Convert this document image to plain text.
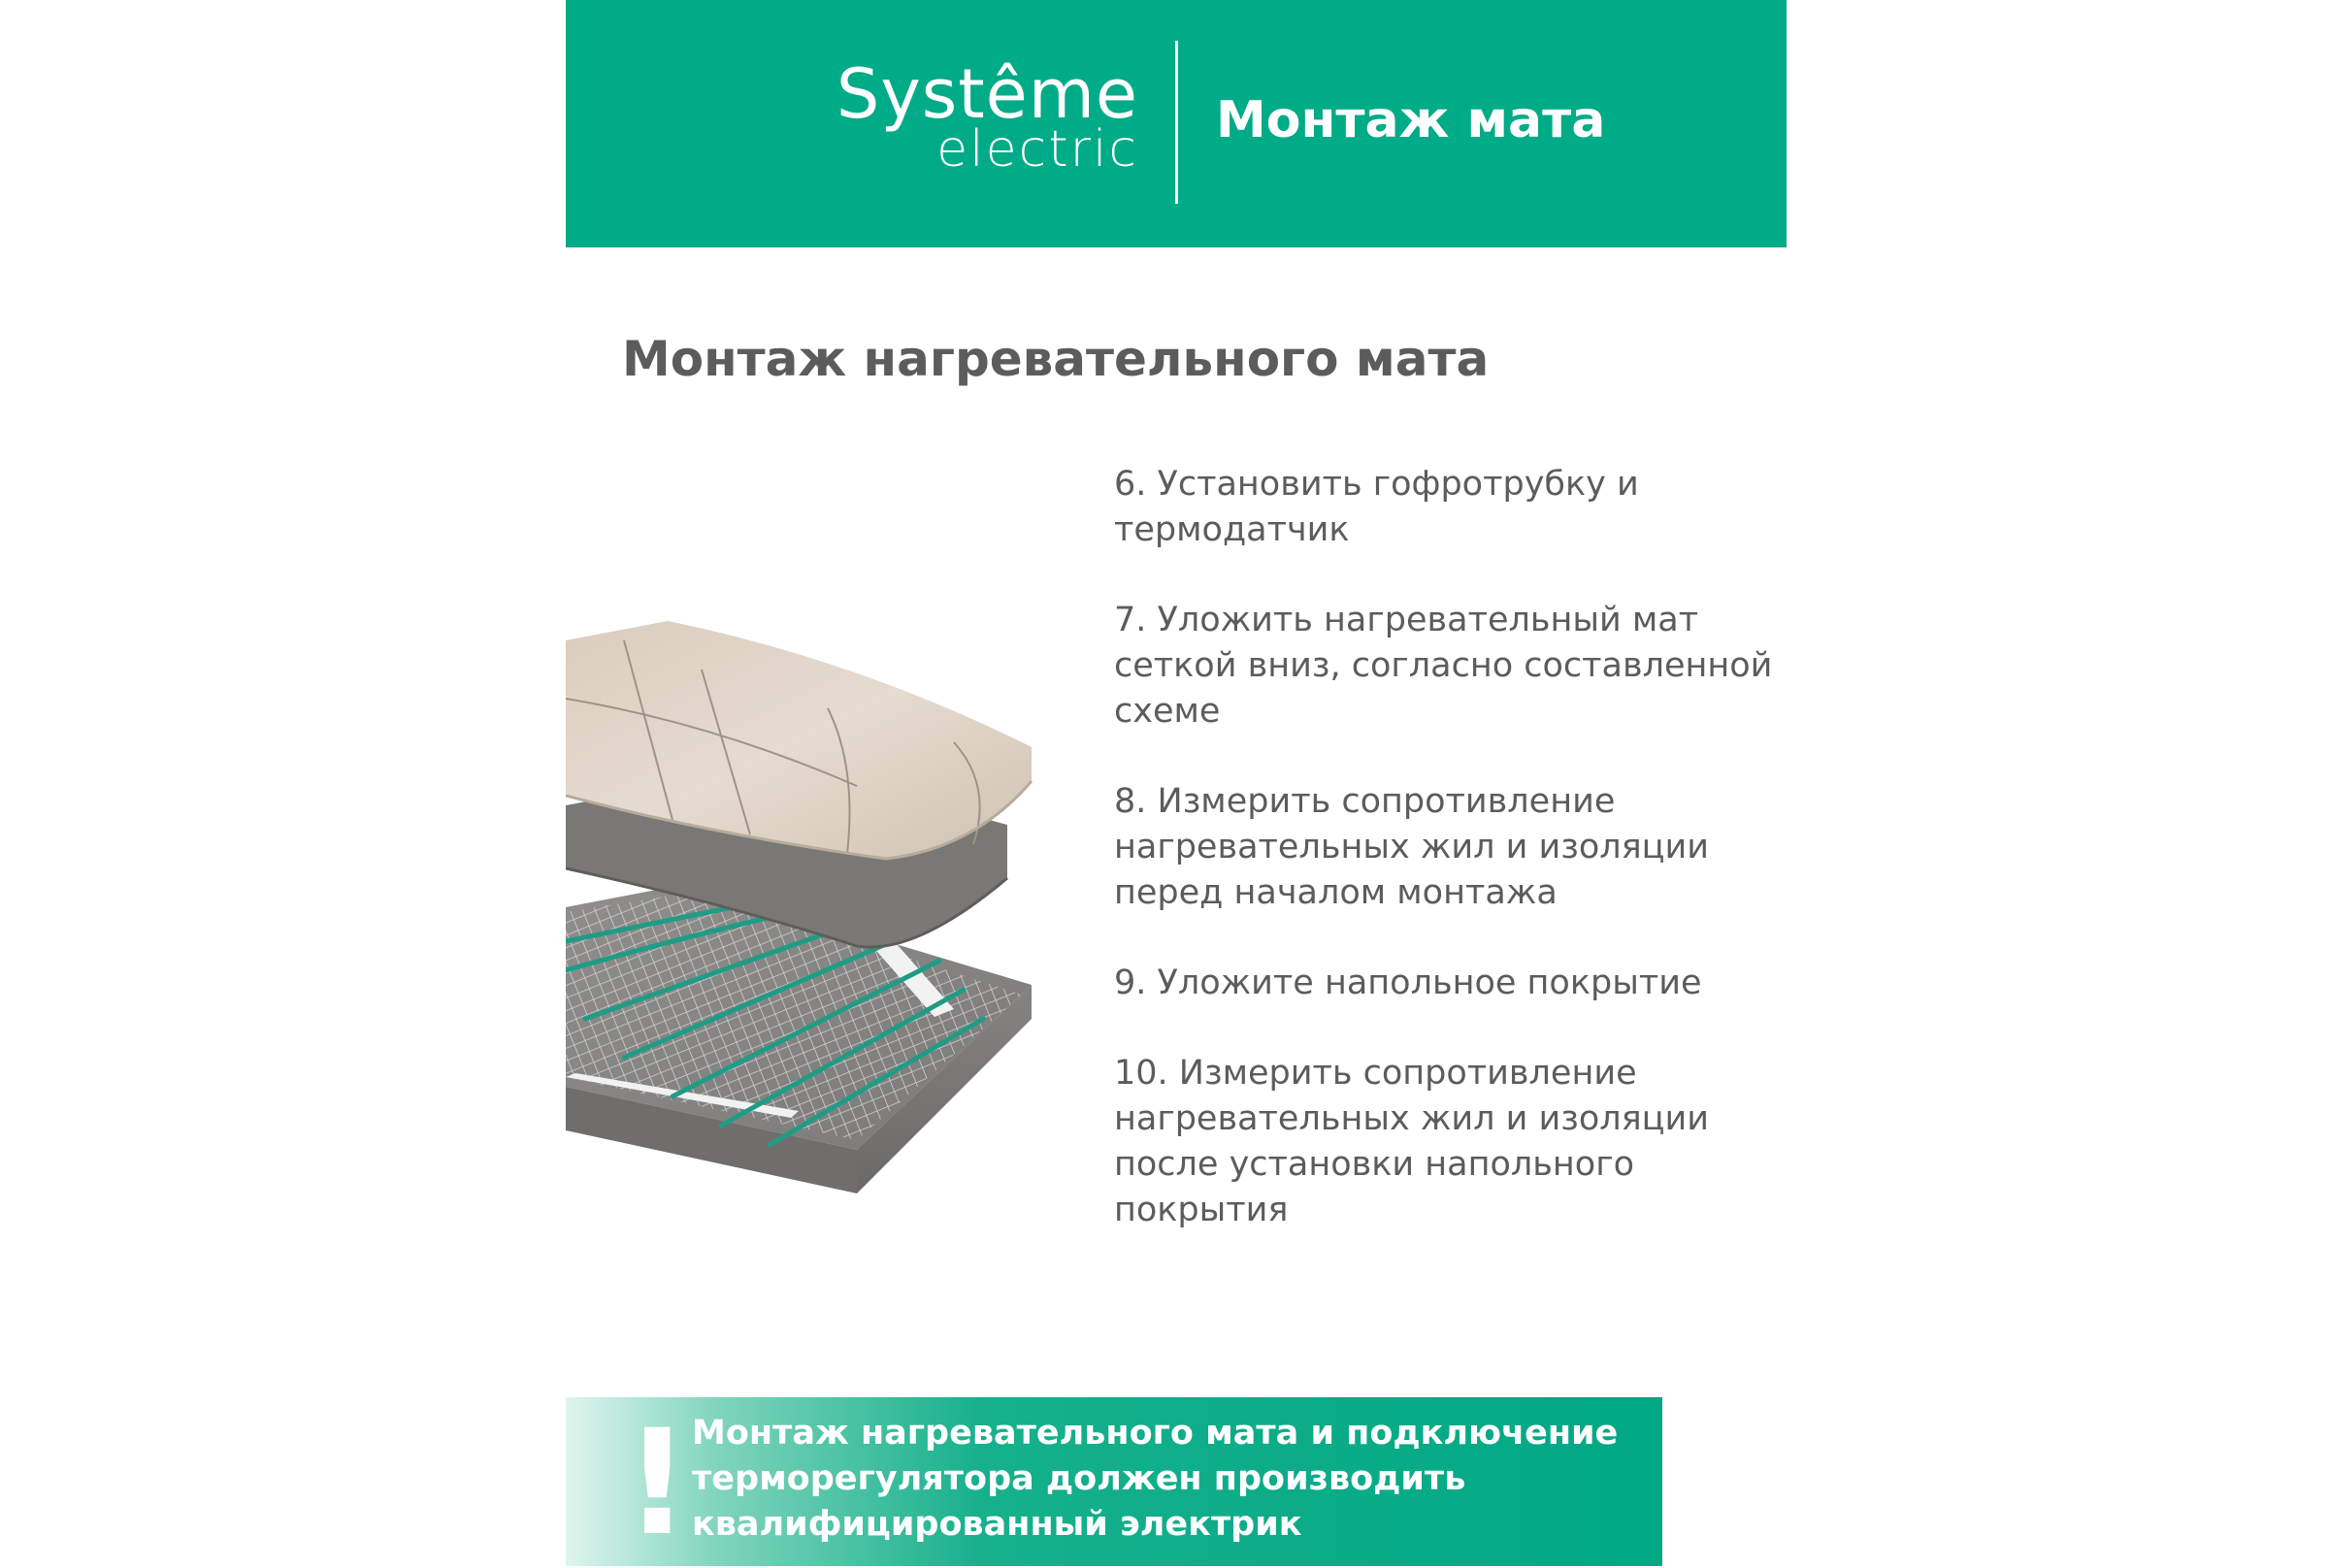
Systême
electric Монтаж мата
Монтаж нагревательного мата

6. Установить гофротрубку и термодатчик

7. Уложить нагревательный мат сеткой вниз, согласно составленной схеме

8. Измерить сопротивление нагревательных жил и изоляции перед началом монтажа

9. Уложите напольное покрытие

10. Измерить сопротивление нагревательных жил и изоляции после установки напольного покрытия

! Монтаж нагревательного мата и подключение терморегулятора должен производить квалифицированный электрик
